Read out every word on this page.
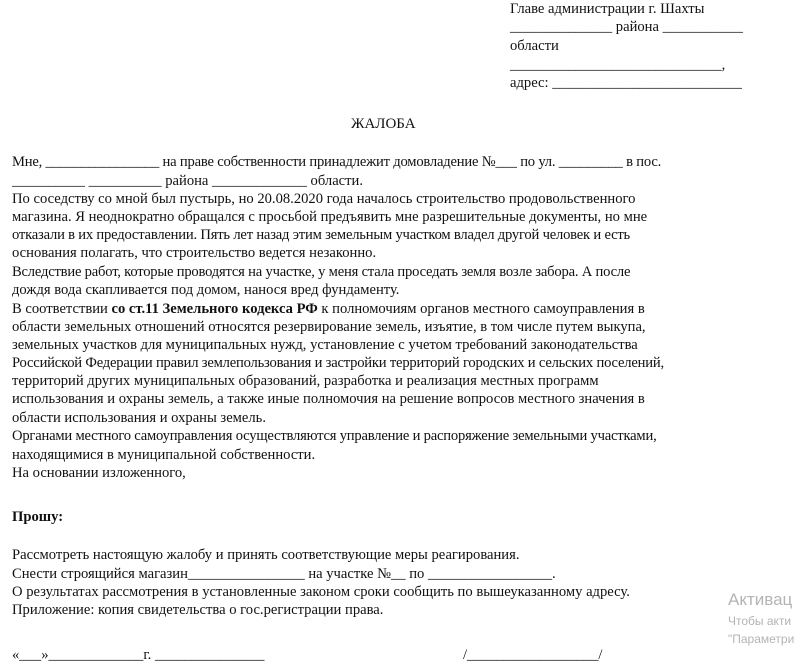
Главе администрации г. Шахты
______________ района ___________
области
_____________________________,
адрес: __________________________
ЖАЛОБА
Мне, ________________ на праве собственности принадлежит домовладение №___ по ул. _________ в пос.
__________ __________ района _____________ области.
По соседству со мной был пустырь, но 20.08.2020 года началось строительство продовольственного
магазина. Я неоднократно обращался с просьбой предъявить мне разрешительные документы, но мне
отказали в их предоставлении. Пять лет назад этим земельным участком владел другой человек и есть
основания полагать, что строительство ведется незаконно.
Вследствие работ, которые проводятся на участке, у меня стала проседать земля возле забора. А после
дождя вода скапливается под домом, нанося вред фундаменту.
В соответствии со ст.11 Земельного кодекса РФ к полномочиям органов местного самоуправления в
области земельных отношений относятся резервирование земель, изъятие, в том числе путем выкупа,
земельных участков для муниципальных нужд, установление с учетом требований законодательства
Российской Федерации правил землепользования и застройки территорий городских и сельских поселений,
территорий других муниципальных образований, разработка и реализация местных программ
использования и охраны земель, а также иные полномочия на решение вопросов местного значения в
области использования и охраны земель.
Органами местного самоуправления осуществляются управление и распоряжение земельными участками,
находящимися в муниципальной собственности.
На основании изложенного,
Прошу:
Рассмотреть настоящую жалобу и принять соответствующие меры реагирования.
Снести строящийся магазин________________ на участке №__ по _________________.
О результатах рассмотрения в установленные законом сроки сообщить по вышеуказанному адресу.
Приложение: копия свидетельства о гос.регистрации права.
«___»_____________г. _______________	/__________________/
Активац
Чтобы акти
"Параметри
